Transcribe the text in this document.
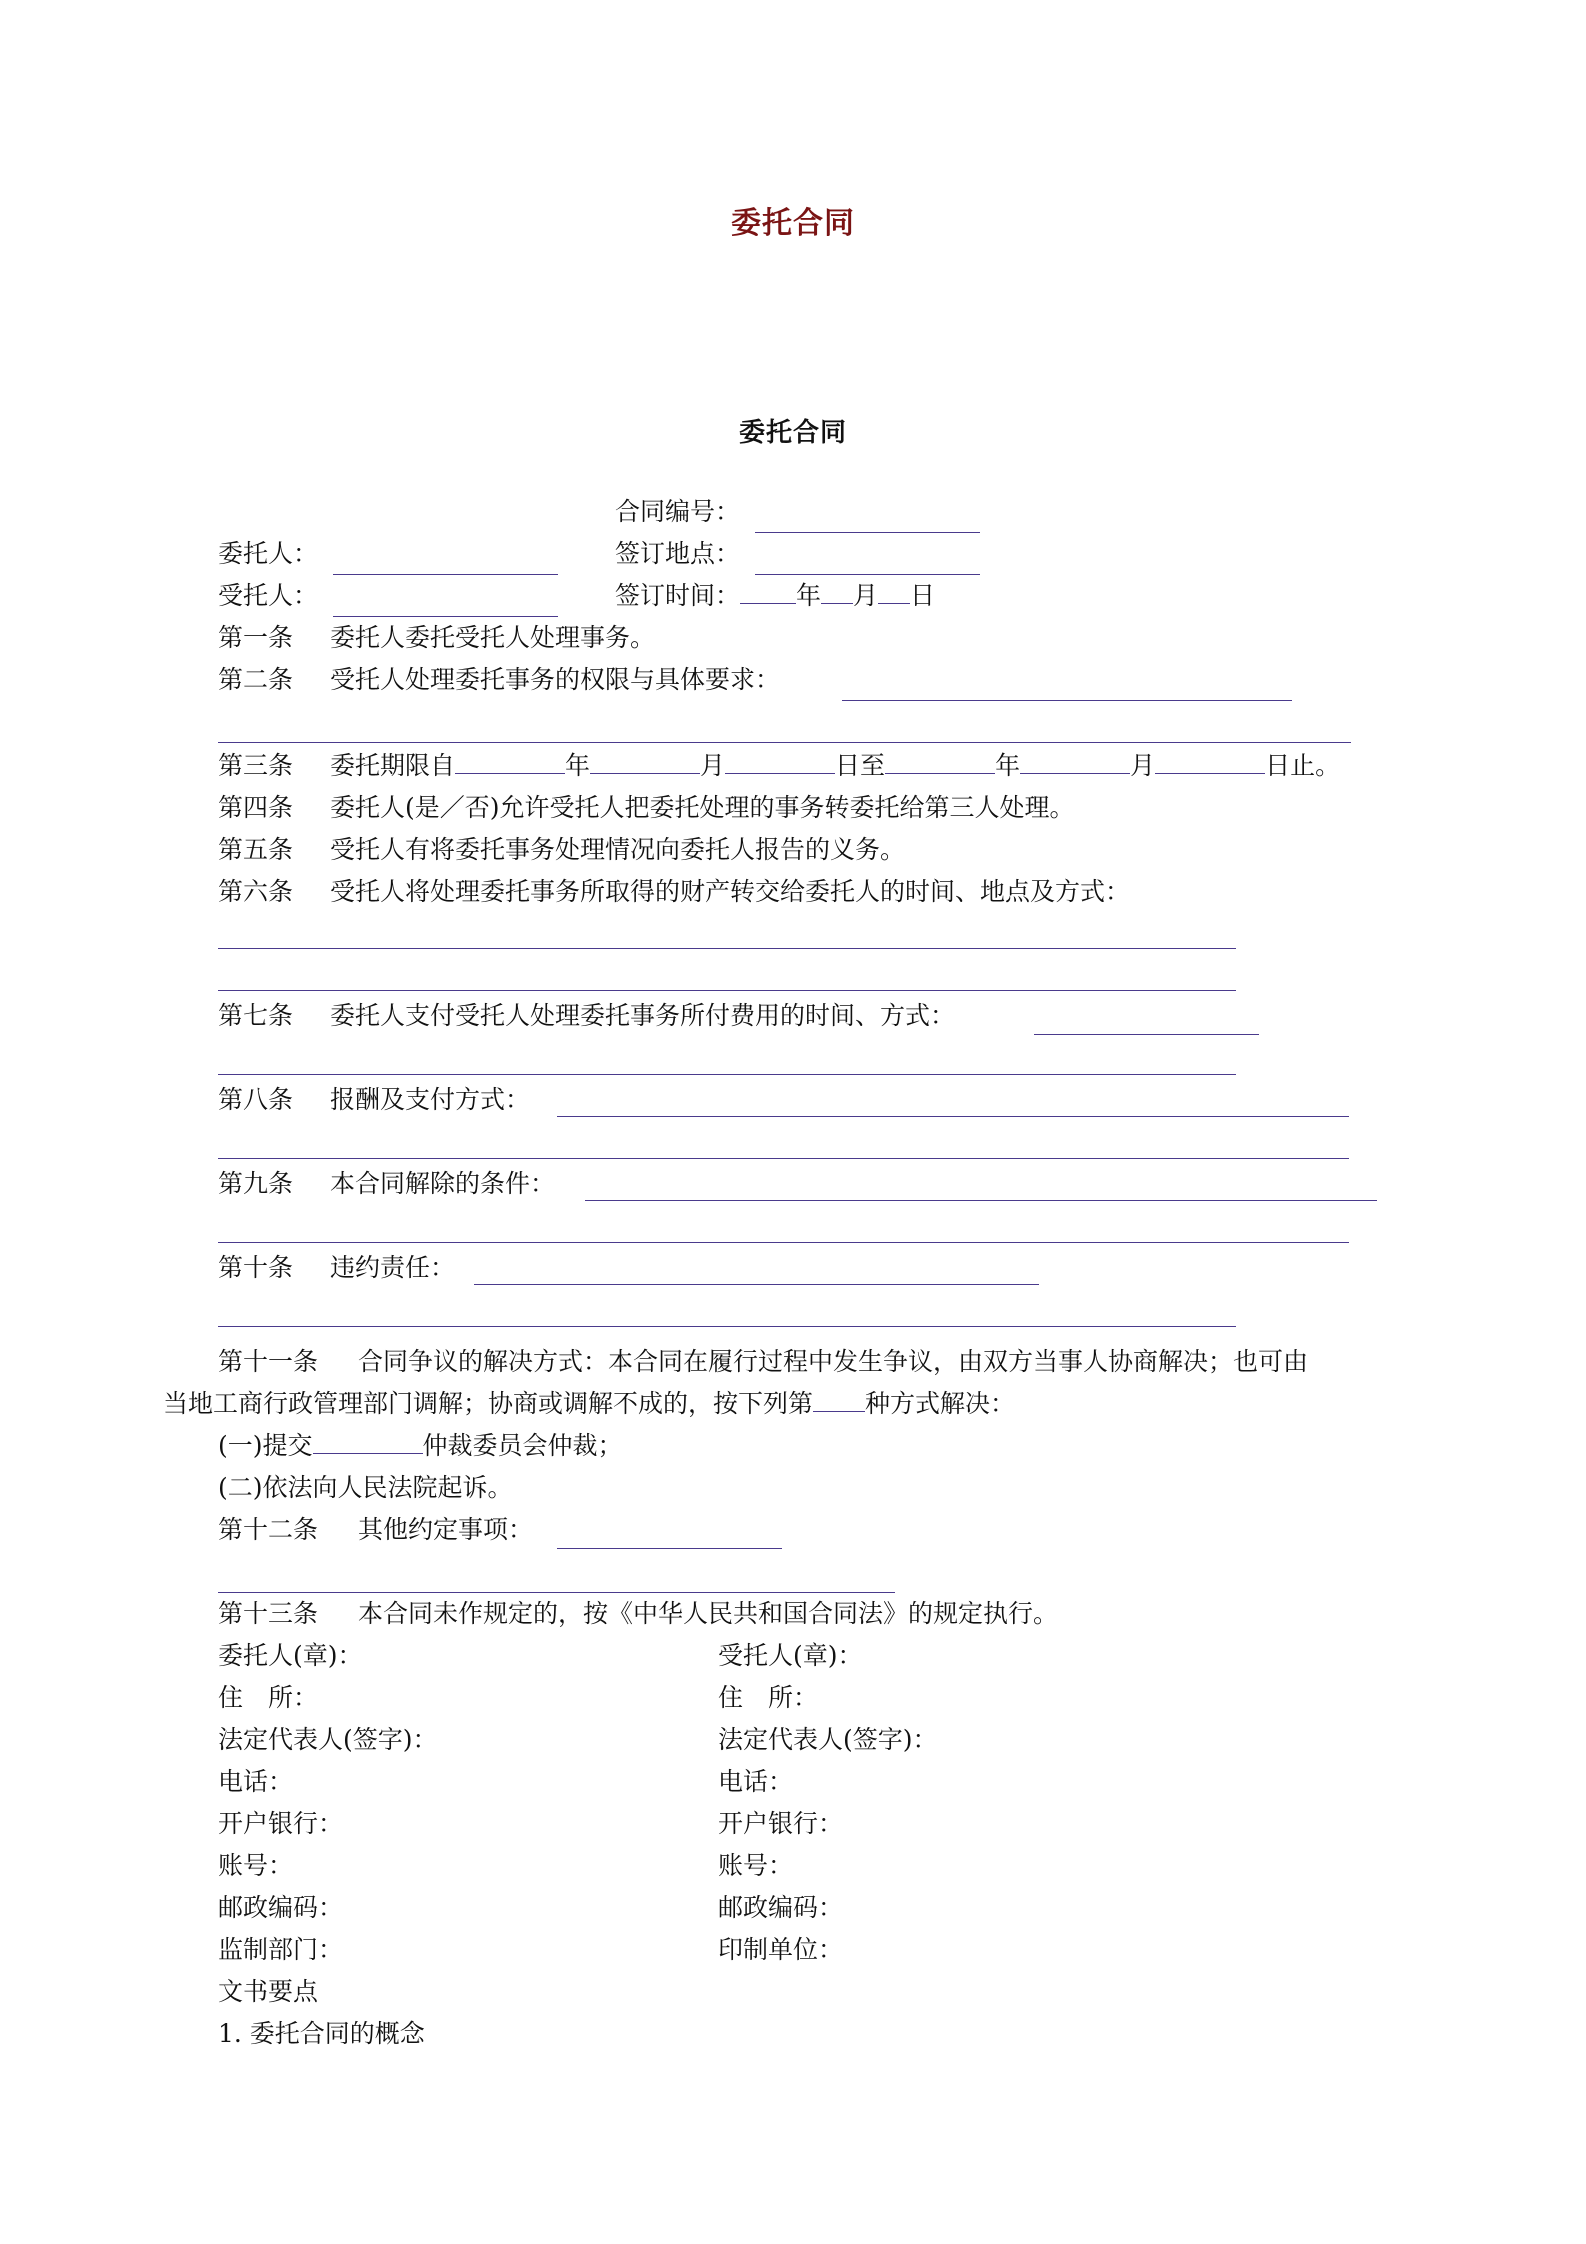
委托合同
委托合同
合同编号：
委托人：	签订地点：
受托人：	签订时间： 年 月 日
第一条 委托人委托受托人处理事务。
第二条 受托人处理委托事务的权限与具体要求：
第三条 委托期限自	年	月	日至	年	月	日止。
第四条 委托人(是／否)允许受托人把委托处理的事务转委托给第三人处理。
第五条 受托人有将委托事务处理情况向委托人报告的义务。
第六条 受托人将处理委托事务所取得的财产转交给委托人的时间、地点及方式：
第七条 委托人支付受托人处理委托事务所付费用的时间、方式：
第八条 报酬及支付方式：
第九条 本合同解除的条件：
第十条 违约责任：
第十一条 合同争议的解决方式：本合同在履行过程中发生争议，由双方当事人协商解决；也可由
当地工商行政管理部门调解；协商或调解不成的，按下列第 种方式解决：
(一)提交	仲裁委员会仲裁；
(二)依法向人民法院起诉。
第十二条 其他约定事项：
第十三条 本合同未作规定的，按《中华人民共和国合同法》的规定执行。
委托人(章)：	受托人(章)：
住　所：	住　所：
法定代表人(签字)：	法定代表人(签字)：
电话：	电话：
开户银行：	开户银行：
账号：	账号：
邮政编码：	邮政编码：
监制部门：	印制单位：
文书要点
1. 委托合同的概念
